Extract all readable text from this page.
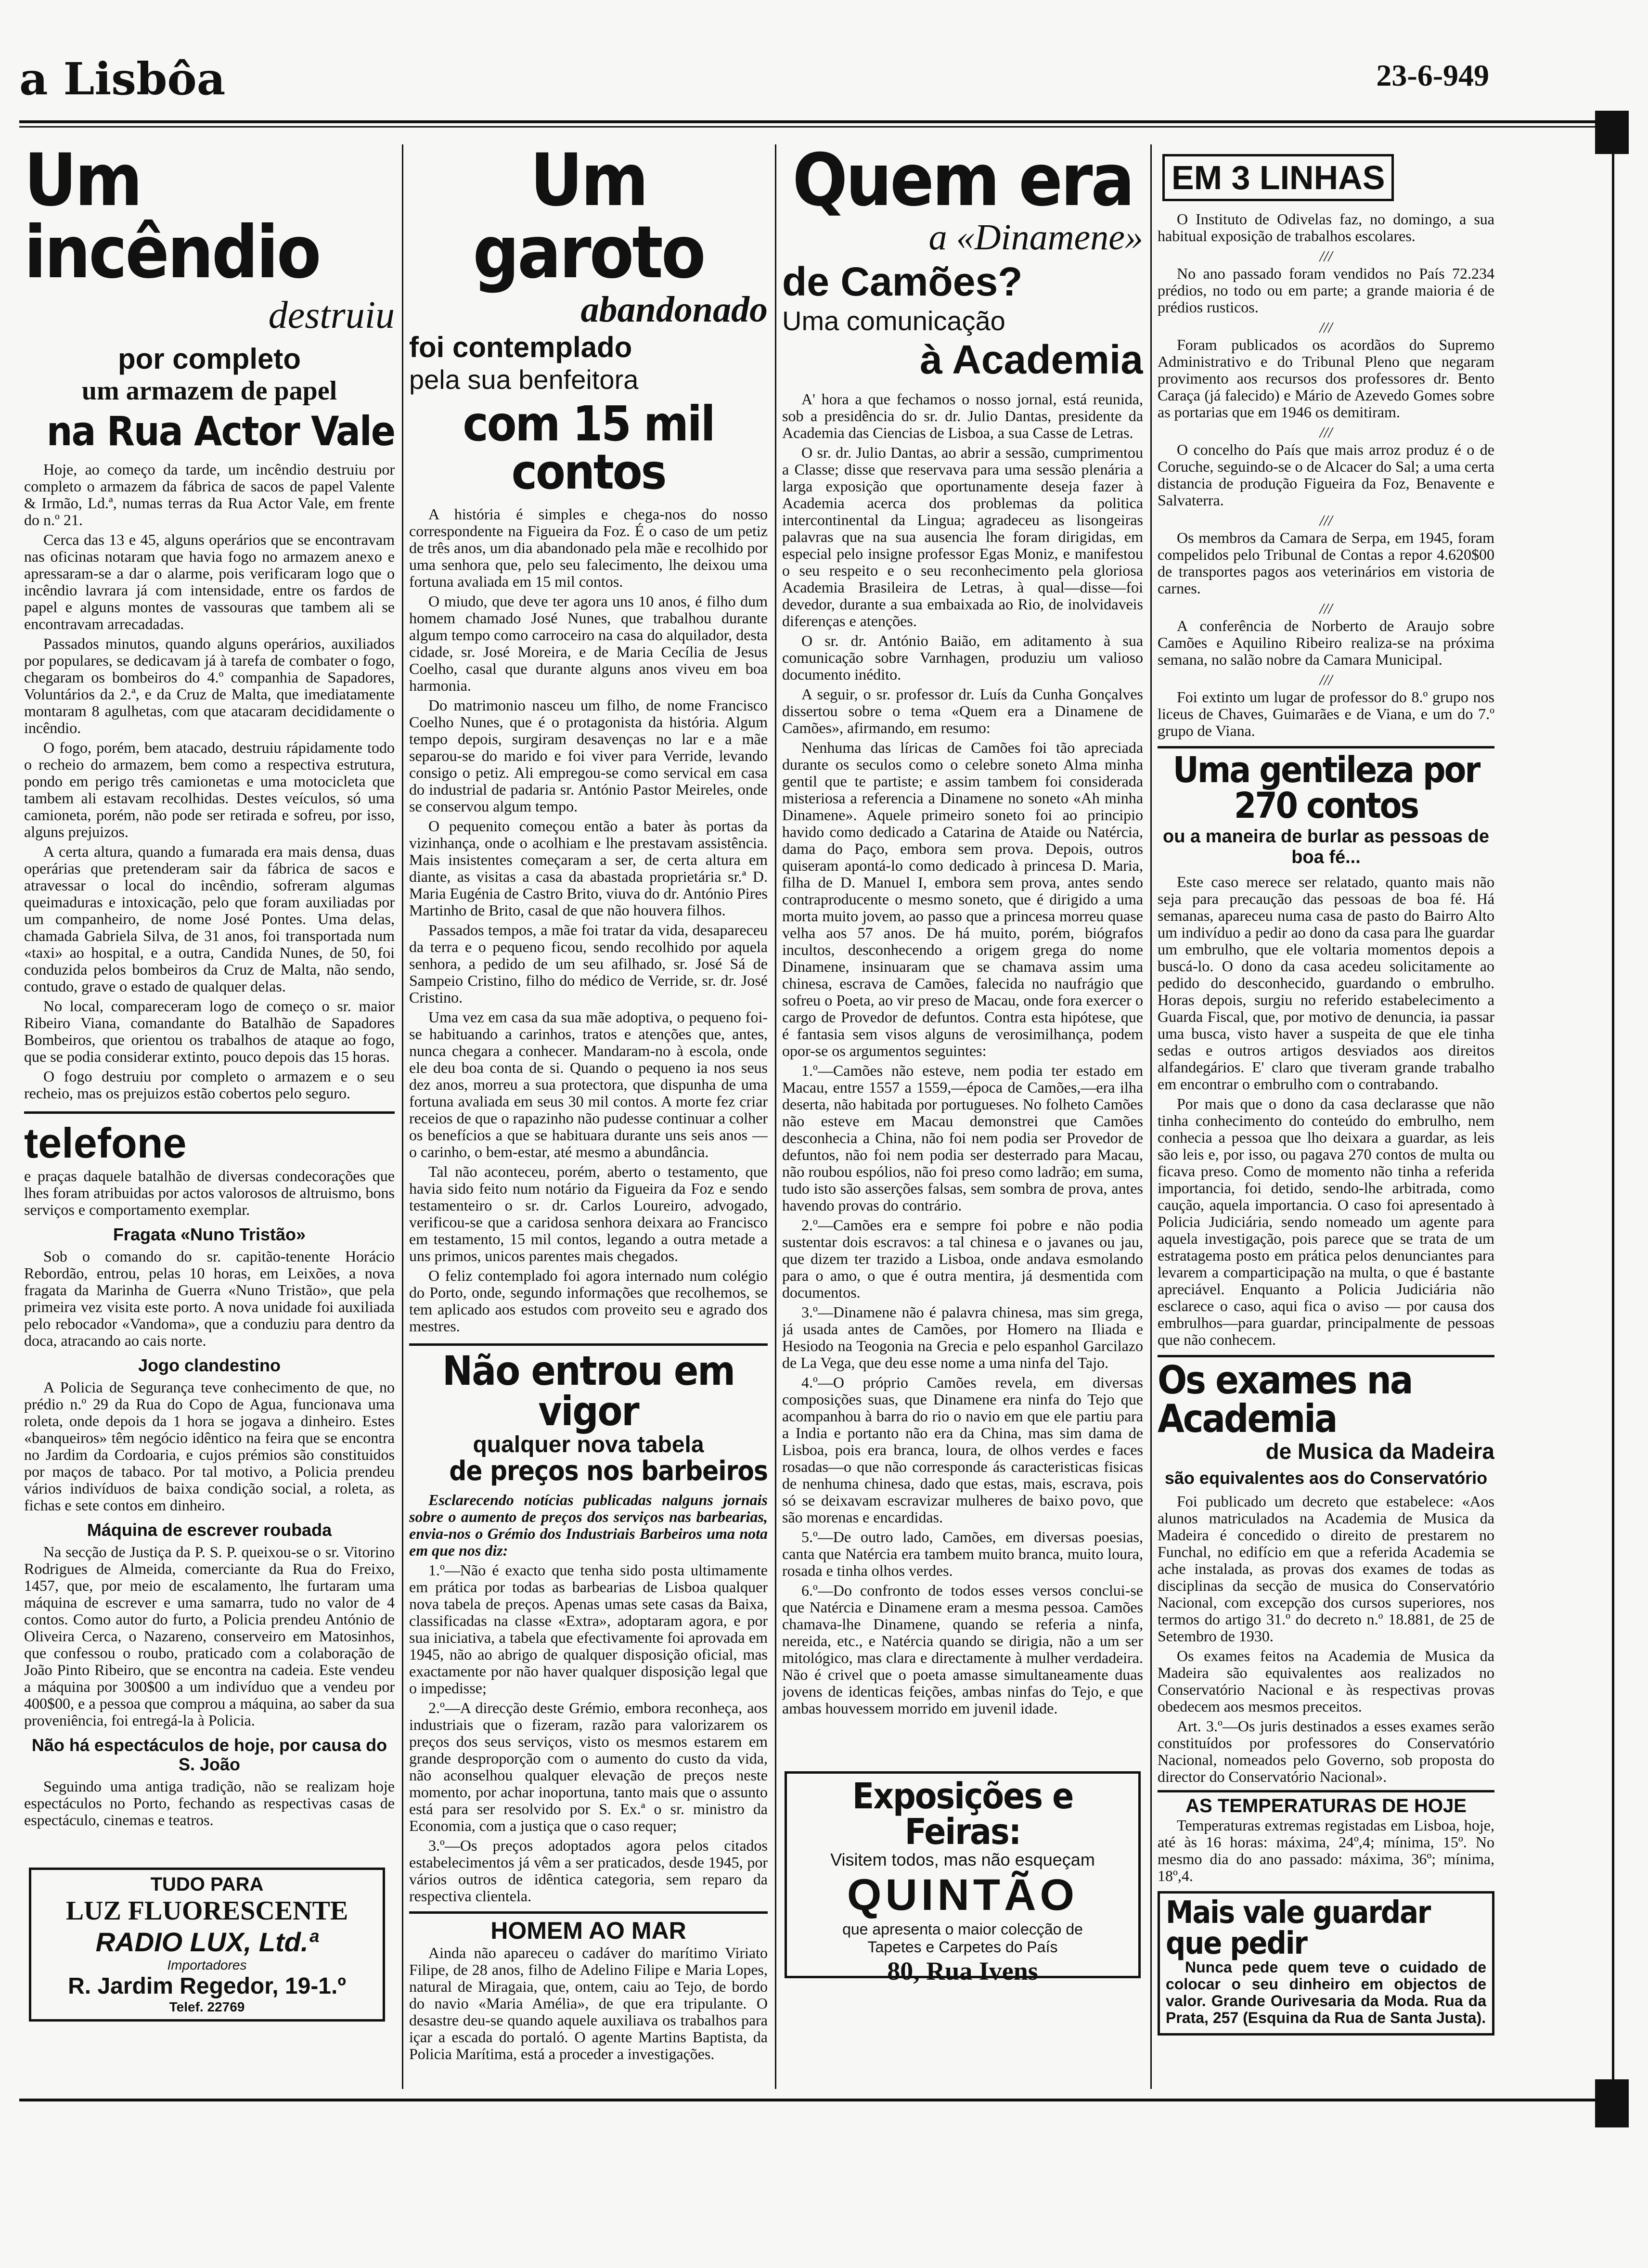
a Lisbôa	23-6-949
Um incêndio
destruiu
por completo
um armazem de papel
na Rua Actor Vale

Hoje, ao começo da tarde, um incêndio destruiu por completo o armazem da fábrica de sacos de papel Valente & Irmão, Ld.ª, numas terras da Rua Actor Vale, em frente do n.º 21.

Cerca das 13 e 45, alguns operários que se encontravam nas oficinas notaram que havia fogo no armazem anexo e apressaram-se a dar o alarme, pois verificaram logo que o incêndio lavrara já com intensidade, entre os fardos de papel e alguns montes de vassouras que tambem ali se encontravam arrecadadas.

Passados minutos, quando alguns operários, auxiliados por populares, se dedicavam já à tarefa de combater o fogo, chegaram os bombeiros do 4.º companhia de Sapadores, Voluntários da 2.ª, e da Cruz de Malta, que imediatamente montaram 8 agulhetas, com que atacaram decididamente o incêndio.

O fogo, porém, bem atacado, destruiu rápidamente todo o recheio do armazem, bem como a respectiva estrutura, pondo em perigo três camionetas e uma motocicleta que tambem ali estavam recolhidas. Destes veículos, só uma camioneta, porém, não pode ser retirada e sofreu, por isso, alguns prejuizos.

A certa altura, quando a fumarada era mais densa, duas operárias que pretenderam sair da fábrica de sacos e atravessar o local do incêndio, sofreram algumas queimaduras e intoxicação, pelo que foram auxiliadas por um companheiro, de nome José Pontes. Uma delas, chamada Gabriela Silva, de 31 anos, foi transportada num «taxi» ao hospital, e a outra, Candida Nunes, de 50, foi conduzida pelos bombeiros da Cruz de Malta, não sendo, contudo, grave o estado de qualquer delas.

No local, compareceram logo de começo o sr. maior Ribeiro Viana, comandante do Batalhão de Sapadores Bombeiros, que orientou os trabalhos de ataque ao fogo, que se podia considerar extinto, pouco depois das 15 horas.

O fogo destruiu por completo o armazem e o seu recheio, mas os prejuizos estão cobertos pelo seguro.

telefone

e praças daquele batalhão de diversas condecorações que lhes foram atribuidas por actos valorosos de altruismo, bons serviços e comportamento exemplar.

Fragata «Nuno Tristão»

Sob o comando do sr. capitão-tenente Horácio Rebordão, entrou, pelas 10 horas, em Leixões, a nova fragata da Marinha de Guerra «Nuno Tristão», que pela primeira vez visita este porto. A nova unidade foi auxiliada pelo rebocador «Vandoma», que a conduziu para dentro da doca, atracando ao cais norte.

Jogo clandestino

A Policia de Segurança teve conhecimento de que, no prédio n.º 29 da Rua do Copo de Agua, funcionava uma roleta, onde depois da 1 hora se jogava a dinheiro. Estes «banqueiros» têm negócio idêntico na feira que se encontra no Jardim da Cordoaria, e cujos prémios são constituidos por maços de tabaco. Por tal motivo, a Policia prendeu vários indivíduos de baixa condição social, a roleta, as fichas e sete contos em dinheiro.

Máquina de escrever roubada

Na secção de Justiça da P. S. P. queixou-se o sr. Vitorino Rodrigues de Almeida, comerciante da Rua do Freixo, 1457, que, por meio de escalamento, lhe furtaram uma máquina de escrever e uma samarra, tudo no valor de 4 contos. Como autor do furto, a Policia prendeu António de Oliveira Cerca, o Nazareno, conserveiro em Matosinhos, que confessou o roubo, praticado com a colaboração de João Pinto Ribeiro, que se encontra na cadeia. Este vendeu a máquina por 300$00 a um indivíduo que a vendeu por 400$00, e a pessoa que comprou a máquina, ao saber da sua proveniência, foi entregá-la à Policia.

Não há espectáculos de hoje, por causa do S. João

Seguindo uma antiga tradição, não se realizam hoje espectáculos no Porto, fechando as respectivas casas de espectáculo, cinemas e teatros.

TUDO PARA
LUZ FLUORESCENTE
RADIO LUX, Ltd.ª
Importadores
R. Jardim Regedor, 19-1.º
Telef. 22769
Um garoto
abandonado
foi contemplado
pela sua benfeitora
com 15 mil contos

A história é simples e chega-nos do nosso correspondente na Figueira da Foz. É o caso de um petiz de três anos, um dia abandonado pela mãe e recolhido por uma senhora que, pelo seu falecimento, lhe deixou uma fortuna avaliada em 15 mil contos.

O miudo, que deve ter agora uns 10 anos, é filho dum homem chamado José Nunes, que trabalhou durante algum tempo como carroceiro na casa do alquilador, desta cidade, sr. José Moreira, e de Maria Cecília de Jesus Coelho, casal que durante alguns anos viveu em boa harmonia.

Do matrimonio nasceu um filho, de nome Francisco Coelho Nunes, que é o protagonista da história. Algum tempo depois, surgiram desavenças no lar e a mãe separou-se do marido e foi viver para Verride, levando consigo o petiz. Ali empregou-se como servical em casa do industrial de padaria sr. António Pastor Meireles, onde se conservou algum tempo.

O pequenito começou então a bater às portas da vizinhança, onde o acolhiam e lhe prestavam assistência. Mais insistentes começaram a ser, de certa altura em diante, as visitas a casa da abastada proprietária sr.ª D. Maria Eugénia de Castro Brito, viuva do dr. António Pires Martinho de Brito, casal de que não houvera filhos.

Passados tempos, a mãe foi tratar da vida, desapareceu da terra e o pequeno ficou, sendo recolhido por aquela senhora, a pedido de um seu afilhado, sr. José Sá de Sampeio Cristino, filho do médico de Verride, sr. dr. José Cristino.

Uma vez em casa da sua mãe adoptiva, o pequeno foi-se habituando a carinhos, tratos e atenções que, antes, nunca chegara a conhecer. Mandaram-no à escola, onde ele deu boa conta de si. Quando o pequeno ia nos seus dez anos, morreu a sua protectora, que dispunha de uma fortuna avaliada em seus 30 mil contos. A morte fez criar receios de que o rapazinho não pudesse continuar a colher os benefícios a que se habituara durante uns seis anos — o carinho, o bem-estar, até mesmo a abundância.

Tal não aconteceu, porém, aberto o testamento, que havia sido feito num notário da Figueira da Foz e sendo testamenteiro o sr. dr. Carlos Loureiro, advogado, verificou-se que a caridosa senhora deixara ao Francisco em testamento, 15 mil contos, legando a outra metade a uns primos, unicos parentes mais chegados.

O feliz contemplado foi agora internado num colégio do Porto, onde, segundo informações que recolhemos, se tem aplicado aos estudos com proveito seu e agrado dos mestres.

Não entrou em vigor
qualquer nova tabela
de preços nos barbeiros

Esclarecendo notícias publicadas nalguns jornais sobre o aumento de preços dos serviços nas barbearias, envia-nos o Grémio dos Industriais Barbeiros uma nota em que nos diz:

1.º—Não é exacto que tenha sido posta ultimamente em prática por todas as barbearias de Lisboa qualquer nova tabela de preços. Apenas umas sete casas da Baixa, classificadas na classe «Extra», adoptaram agora, e por sua iniciativa, a tabela que efectivamente foi aprovada em 1945, não ao abrigo de qualquer disposição oficial, mas exactamente por não haver qualquer disposição legal que o impedisse;

2.º—A direcção deste Grémio, embora reconheça, aos industriais que o fizeram, razão para valorizarem os preços dos seus serviços, visto os mesmos estarem em grande desproporção com o aumento do custo da vida, não aconselhou qualquer elevação de preços neste momento, por achar inoportuna, tanto mais que o assunto está para ser resolvido por S. Ex.ª o sr. ministro da Economia, com a justiça que o caso requer;

3.º—Os preços adoptados agora pelos citados estabelecimentos já vêm a ser praticados, desde 1945, por vários outros de idêntica categoria, sem reparo da respectiva clientela.

HOMEM AO MAR

Ainda não apareceu o cadáver do marítimo Viriato Filipe, de 28 anos, filho de Adelino Filipe e Maria Lopes, natural de Miragaia, que, ontem, caiu ao Tejo, de bordo do navio «Maria Amélia», de que era tripulante. O desastre deu-se quando aquele auxiliava os trabalhos para içar a escada do portaló. O agente Martins Baptista, da Policia Marítima, está a proceder a investigações.

Quem era
a «Dinamene»
de Camões?
Uma comunicação
à Academia

A' hora a que fechamos o nosso jornal, está reunida, sob a presidência do sr. dr. Julio Dantas, presidente da Academia das Ciencias de Lisboa, a sua Casse de Letras.

O sr. dr. Julio Dantas, ao abrir a sessão, cumprimentou a Classe; disse que reservava para uma sessão plenária a larga exposição que oportunamente deseja fazer à Academia acerca dos problemas da politica intercontinental da Lingua; agradeceu as lisongeiras palavras que na sua ausencia lhe foram dirigidas, em especial pelo insigne professor Egas Moniz, e manifestou o seu respeito e o seu reconhecimento pela gloriosa Academia Brasileira de Letras, à qual—disse—foi devedor, durante a sua embaixada ao Rio, de inolvidaveis diferenças e atenções.

O sr. dr. António Baião, em aditamento à sua comunicação sobre Varnhagen, produziu um valioso documento inédito.

A seguir, o sr. professor dr. Luís da Cunha Gonçalves dissertou sobre o tema «Quem era a Dinamene de Camões», afirmando, em resumo:

Nenhuma das líricas de Camões foi tão apreciada durante os seculos como o celebre soneto Alma minha gentil que te partiste; e assim tambem foi considerada misteriosa a referencia a Dinamene no soneto «Ah minha Dinamene». Aquele primeiro soneto foi ao principio havido como dedicado a Catarina de Ataide ou Natércia, dama do Paço, embora sem prova. Depois, outros quiseram apontá-lo como dedicado à princesa D. Maria, filha de D. Manuel I, embora sem prova, antes sendo contraproducente o mesmo soneto, que é dirigido a uma morta muito jovem, ao passo que a princesa morreu quase velha aos 57 anos. De há muito, porém, biógrafos incultos, desconhecendo a origem grega do nome Dinamene, insinuaram que se chamava assim uma chinesa, escrava de Camões, falecida no naufrágio que sofreu o Poeta, ao vir preso de Macau, onde fora exercer o cargo de Provedor de defuntos. Contra esta hipótese, que é fantasia sem visos alguns de verosimilhança, podem opor-se os argumentos seguintes:

1.º—Camões não esteve, nem podia ter estado em Macau, entre 1557 a 1559,—época de Camões,—era ilha deserta, não habitada por portugueses. No folheto Camões não esteve em Macau demonstrei que Camões desconhecia a China, não foi nem podia ser Provedor de defuntos, não foi nem podia ser desterrado para Macau, não roubou espólios, não foi preso como ladrão; em suma, tudo isto são asserções falsas, sem sombra de prova, antes havendo provas do contrário.

2.º—Camões era e sempre foi pobre e não podia sustentar dois escravos: a tal chinesa e o javanes ou jau, que dizem ter trazido a Lisboa, onde andava esmolando para o amo, o que é outra mentira, já desmentida com documentos.

3.º—Dinamene não é palavra chinesa, mas sim grega, já usada antes de Camões, por Homero na Iliada e Hesiodo na Teogonia na Grecia e pelo espanhol Garcilazo de La Vega, que deu esse nome a uma ninfa del Tajo.

4.º—O próprio Camões revela, em diversas composições suas, que Dinamene era ninfa do Tejo que acompanhou à barra do rio o navio em que ele partiu para a India e portanto não era da China, mas sim dama de Lisboa, pois era branca, loura, de olhos verdes e faces rosadas—o que não corresponde ás caracteristicas fisicas de nenhuma chinesa, dado que estas, mais, escrava, pois só se deixavam escravizar mulheres de baixo povo, que são morenas e encardidas.

5.º—De outro lado, Camões, em diversas poesias, canta que Natércia era tambem muito branca, muito loura, rosada e tinha olhos verdes.

6.º—Do confronto de todos esses versos conclui-se que Natércia e Dinamene eram a mesma pessoa. Camões chamava-lhe Dinamene, quando se referia a ninfa, nereida, etc., e Natércia quando se dirigia, não a um ser mitológico, mas clara e directamente à mulher verdadeira. Não é crivel que o poeta amasse simultaneamente duas jovens de identicas feições, ambas ninfas do Tejo, e que ambas houvessem morrido em juvenil idade.

Exposições e Feiras:
Visitem todos, mas não esqueçam
QUINTÃO
que apresenta o maior colecção de
Tapetes e Carpetes do País
80, Rua Ivens
EM 3 LINHAS

O Instituto de Odivelas faz, no domingo, a sua habitual exposição de trabalhos escolares.

///

No ano passado foram vendidos no País 72.234 prédios, no todo ou em parte; a grande maioria é de prédios rusticos.

///

Foram publicados os acordãos do Supremo Administrativo e do Tribunal Pleno que negaram provimento aos recursos dos professores dr. Bento Caraça (já falecido) e Mário de Azevedo Gomes sobre as portarias que em 1946 os demitiram.

///

O concelho do País que mais arroz produz é o de Coruche, seguindo-se o de Alcacer do Sal; a uma certa distancia de produção Figueira da Foz, Benavente e Salvaterra.

///

Os membros da Camara de Serpa, em 1945, foram compelidos pelo Tribunal de Contas a repor 4.620$00 de transportes pagos aos veterinários em vistoria de carnes.

///

A conferência de Norberto de Araujo sobre Camões e Aquilino Ribeiro realiza-se na próxima semana, no salão nobre da Camara Municipal.

///

Foi extinto um lugar de professor do 8.º grupo nos liceus de Chaves, Guimarães e de Viana, e um do 7.º grupo de Viana.

Uma gentileza por 270 contos
ou a maneira de burlar as pessoas de boa fé...

Este caso merece ser relatado, quanto mais não seja para precaução das pessoas de boa fé. Há semanas, apareceu numa casa de pasto do Bairro Alto um indivíduo a pedir ao dono da casa para lhe guardar um embrulho, que ele voltaria momentos depois a buscá-lo. O dono da casa acedeu solicitamente ao pedido do desconhecido, guardando o embrulho. Horas depois, surgiu no referido estabelecimento a Guarda Fiscal, que, por motivo de denuncia, ia passar uma busca, visto haver a suspeita de que ele tinha sedas e outros artigos desviados aos direitos alfandegários. E' claro que tiveram grande trabalho em encontrar o embrulho com o contrabando.

Por mais que o dono da casa declarasse que não tinha conhecimento do conteúdo do embrulho, nem conhecia a pessoa que lho deixara a guardar, as leis são leis e, por isso, ou pagava 270 contos de multa ou ficava preso. Como de momento não tinha a referida importancia, foi detido, sendo-lhe arbitrada, como caução, aquela importancia. O caso foi apresentado à Policia Judiciária, sendo nomeado um agente para aquela investigação, pois parece que se trata de um estratagema posto em prática pelos denunciantes para levarem a comparticipação na multa, o que é bastante apreciável. Enquanto a Policia Judiciária não esclarece o caso, aqui fica o aviso — por causa dos embrulhos—para guardar, principalmente de pessoas que não conhecem.

Os exames na Academia
de Musica da Madeira
são equivalentes aos do Conservatório

Foi publicado um decreto que estabelece: «Aos alunos matriculados na Academia de Musica da Madeira é concedido o direito de prestarem no Funchal, no edifício em que a referida Academia se ache instalada, as provas dos exames de todas as disciplinas da secção de musica do Conservatório Nacional, com excepção dos cursos superiores, nos termos do artigo 31.º do decreto n.º 18.881, de 25 de Setembro de 1930.

Os exames feitos na Academia de Musica da Madeira são equivalentes aos realizados no Conservatório Nacional e às respectivas provas obedecem aos mesmos preceitos.

Art. 3.º—Os juris destinados a esses exames serão constituídos por professores do Conservatório Nacional, nomeados pelo Governo, sob proposta do director do Conservatório Nacional».

AS TEMPERATURAS DE HOJE

Temperaturas extremas registadas em Lisboa, hoje, até às 16 horas: máxima, 24º,4; mínima, 15º. No mesmo dia do ano passado: máxima, 36º; mínima, 18º,4.

Mais vale guardar que pedir

Nunca pede quem teve o cuidado de colocar o seu dinheiro em objectos de valor. Grande Ourivesaria da Moda. Rua da Prata, 257 (Esquina da Rua de Santa Justa).
